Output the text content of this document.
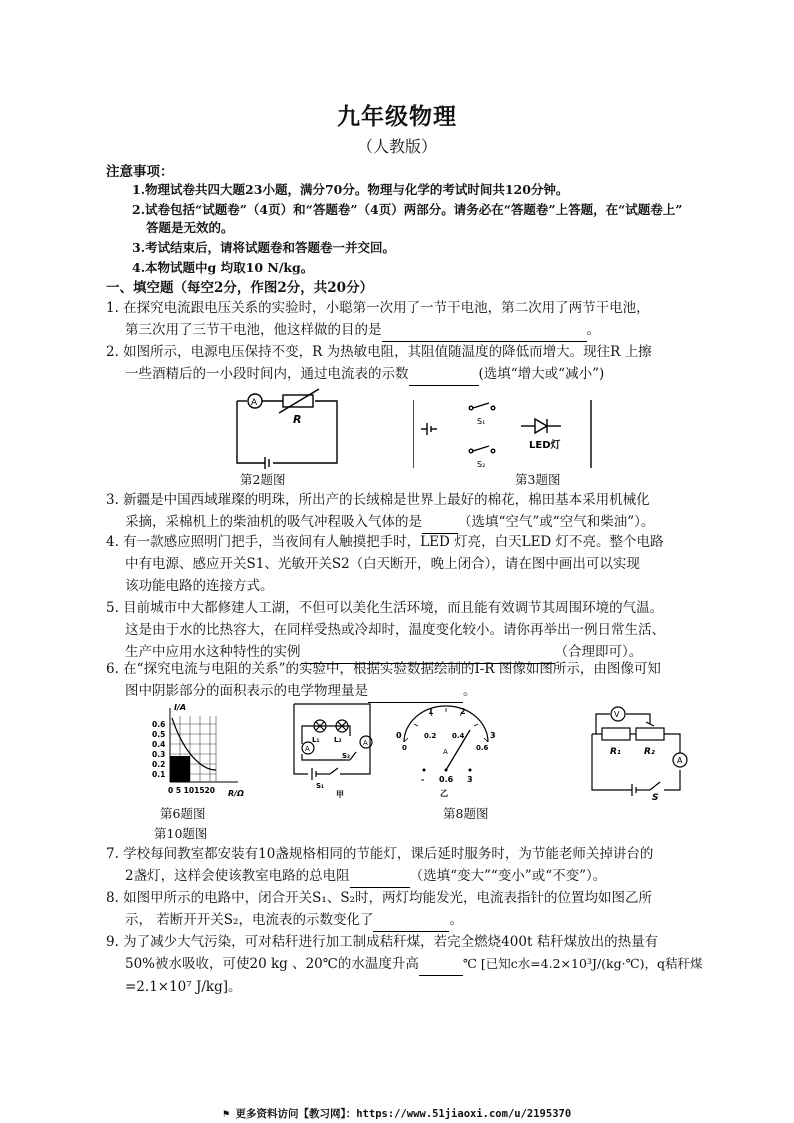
九年级物理
（人教版）
注意事项：
1.物理试卷共四大题23小题，满分70分。物理与化学的考试时间共120分钟。
2.试卷包括“试题卷”（4页）和“答题卷”（4页）两部分。请务必在“答题卷”上答题，在“试题卷上”
答题是无效的。
3.考试结束后，请将试题卷和答题卷一并交回。
4.本物试题中g 均取10 N/kg。
一、填空题（每空2分，作图2分，共20分）
1. 在探究电流跟电压关系的实验时，小聪第一次用了一节干电池，第二次用了两节干电池，
第三次用了三节干电池，他这样做的目的是	。
2. 如图所示，电源电压保持不变，R 为热敏电阻，其阻值随温度的降低而增大。现往R 上擦
一些酒精后的一小段时间内，通过电流表的示数	(选填“增大或“减小”)
A
R
第2题图
S₁
S₂
LED灯
第3题图
3. 新疆是中国西域璀璨的明珠，所出产的长绒棉是世界上最好的棉花，棉田基本采用机械化
采摘，采棉机上的柴油机的吸气冲程吸入气体的是	（选填“空气”或“空气和柴油”）。
4. 有一款感应照明门把手，当夜间有人触摸把手时，LED 灯亮，白天LED 灯不亮。整个电路
中有电源、感应开关S1、光敏开关S2（白天断开，晚上闭合），请在图中画出可以实现
该功能电路的连接方式。
5. 目前城市中大都修建人工湖，不但可以美化生活环境，而且能有效调节其周围环境的气温。
这是由于水的比热容大，在同样受热或冷却时，温度变化较小。请你再举出一例日常生活、
生产中应用水这种特性的实例	（合理即可）。
6. 在“探究电流与电阻的关系”的实验中，根据实验数据绘制的I-R 图像如图所示，由图像可知
图中阴影部分的面积表示的电学物理量是	。
I/A
0.6
0.5
0.4
0.3
0.2
0.1
0 5 101520 R/Ω
第6题图
第10题图
L₁ L₂
A
A
S₂
S₁
甲
1	2
0	3
0
0.2 0.4
0.6
A
- 0.6 3
乙
第8题图
V
A
R₁	R₂
S
7. 学校每间教室都安装有10盏规格相同的节能灯，课后延时服务时，为节能老师关掉讲台的
2盏灯，这样会使该教室电路的总电阻	（选填“变大”“变小”或“不变”）。
8. 如图甲所示的电路中，闭合开关S₁、S₂时，两灯均能发光，电流表指针的位置均如图乙所
示， 若断开开关S₂，电流表的示数变化了	。
9. 为了减少大气污染，可对秸秆进行加工制成秸秆煤，若完全燃烧400t 秸秆煤放出的热量有
50%被水吸收，可使20 kg 、20℃的水温度升高	℃ [已知c水=4.2×10³J/(kg·℃)，q秸秆煤
=2.1×10⁷ J/kg]。
⚑ 更多资料访问【教习网】：https://www.51jiaoxi.com/u/2195370
